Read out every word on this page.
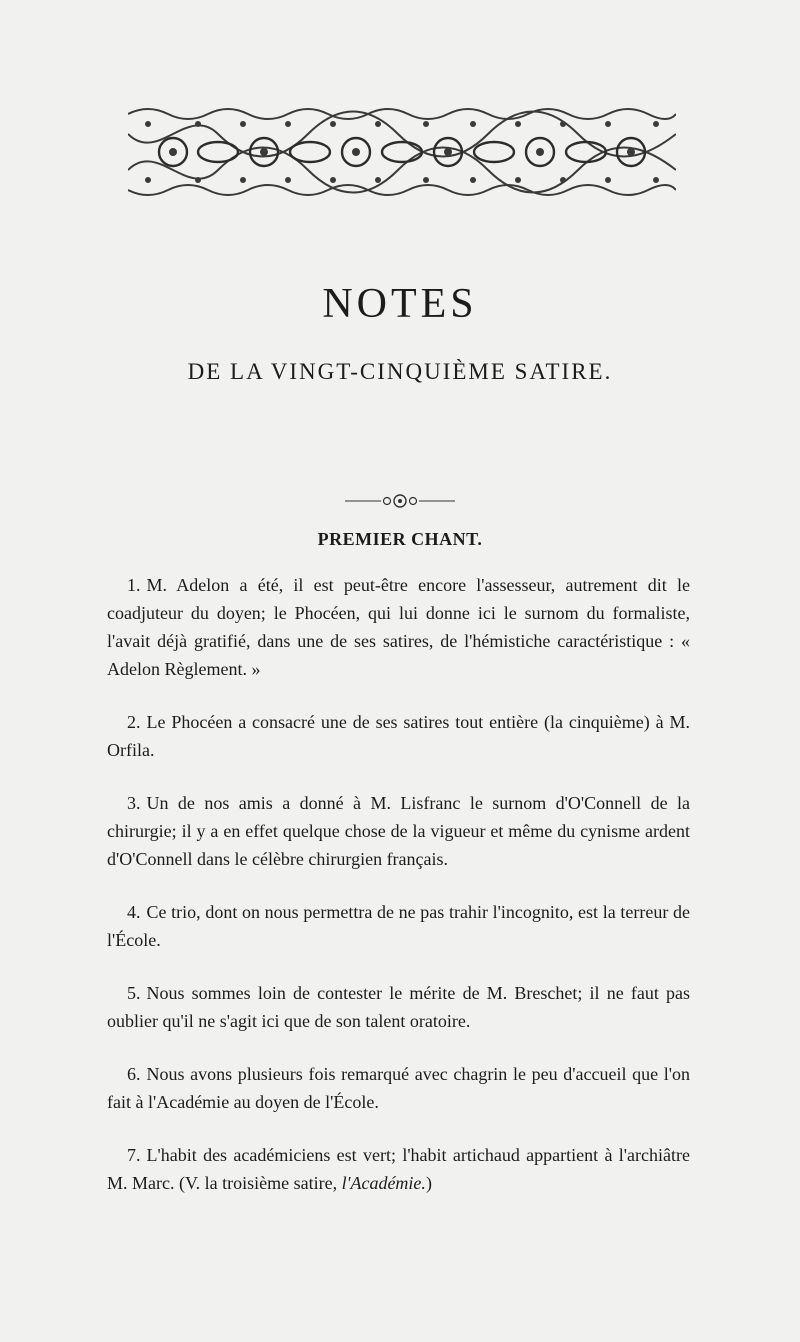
NOTES
DE LA VINGT-CINQUIÈME SATIRE.
PREMIER CHANT.

1. M. Adelon a été, il est peut-être encore l'assesseur, autrement dit le coadjuteur du doyen; le Phocéen, qui lui donne ici le surnom du formaliste, l'avait déjà gratifié, dans une de ses satires, de l'hémistiche caractéristique : « Adelon Règlement. »

2. Le Phocéen a consacré une de ses satires tout entière (la cinquième) à M. Orfila.

3. Un de nos amis a donné à M. Lisfranc le surnom d'O'Connell de la chirurgie; il y a en effet quelque chose de la vigueur et même du cynisme ardent d'O'Connell dans le célèbre chirurgien français.

4. Ce trio, dont on nous permettra de ne pas trahir l'incognito, est la terreur de l'École.

5. Nous sommes loin de contester le mérite de M. Breschet; il ne faut pas oublier qu'il ne s'agit ici que de son talent oratoire.

6. Nous avons plusieurs fois remarqué avec chagrin le peu d'accueil que l'on fait à l'Académie au doyen de l'École.

7. L'habit des académiciens est vert; l'habit artichaud appartient à l'archiâtre M. Marc. (V. la troisième satire, l'Académie.)
